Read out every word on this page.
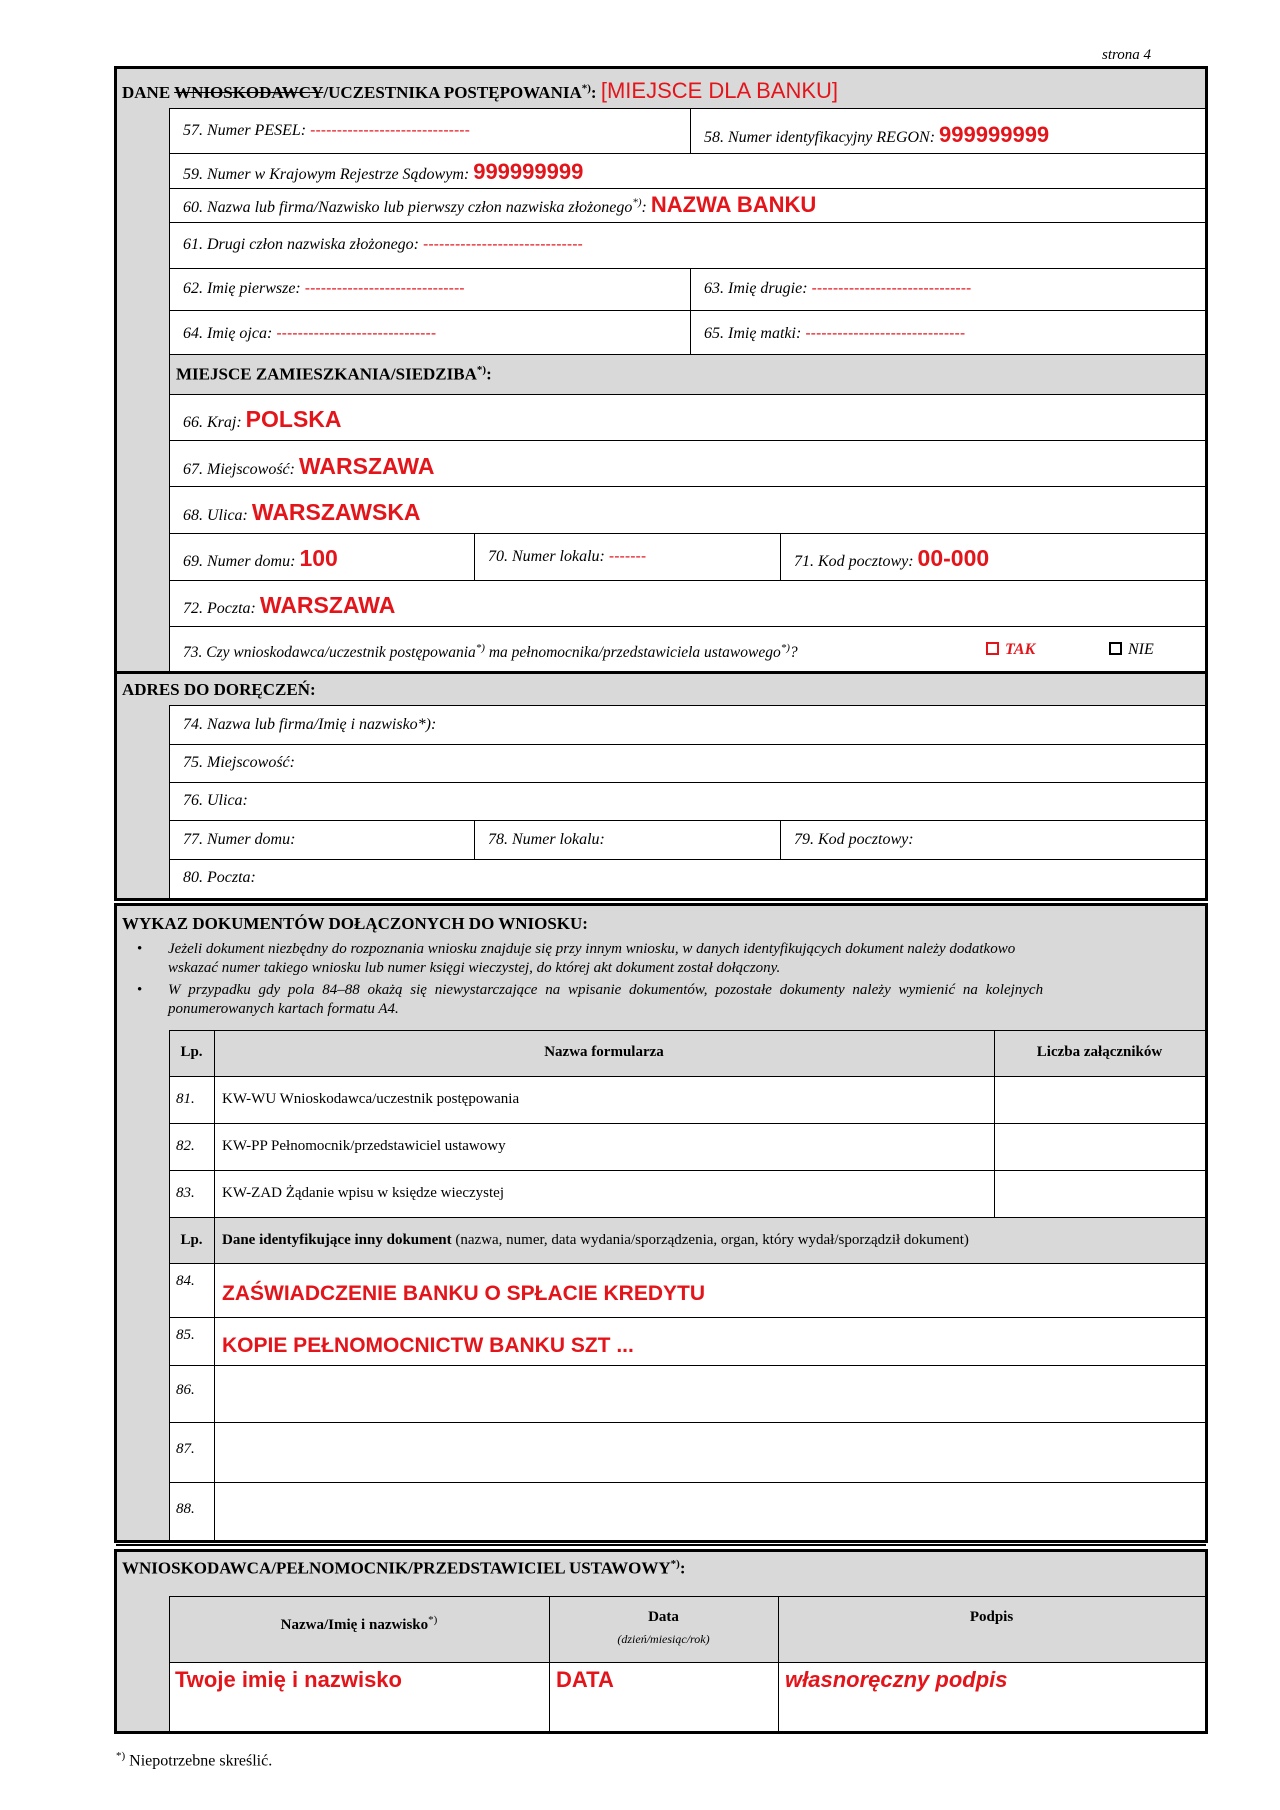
strona 4
DANE WNIOSKODAWCY/UCZESTNIKA POSTĘPOWANIA*): [MIEJSCE DLA BANKU]
57. Numer PESEL: ------------------------------	58. Numer identyfikacyjny REGON: 999999999
59. Numer w Krajowym Rejestrze Sądowym: 999999999
60. Nazwa lub firma/Nazwisko lub pierwszy człon nazwiska złożonego*): NAZWA BANKU
61. Drugi człon nazwiska złożonego: ------------------------------
62. Imię pierwsze: ------------------------------	63. Imię drugie: ------------------------------
64. Imię ojca: ------------------------------	65. Imię matki: ------------------------------
MIEJSCE ZAMIESZKANIA/SIEDZIBA*):
66. Kraj: POLSKA
67. Miejscowość: WARSZAWA
68. Ulica: WARSZAWSKA
69. Numer domu: 100	70. Numer lokalu: -------	71. Kod pocztowy: 00-000
72. Poczta: WARSZAWA
73. Czy wnioskodawca/uczestnik postępowania*) ma pełnomocnika/przedstawiciela ustawowego*)?	TAK	NIE
ADRES DO DORĘCZEŃ:
74. Nazwa lub firma/Imię i nazwisko*):
75. Miejscowość:
76. Ulica:
77. Numer domu:	78. Numer lokalu:	79. Kod pocztowy:
80. Poczta:
WYKAZ DOKUMENTÓW DOŁĄCZONYCH DO WNIOSKU:
• Jeżeli dokument niezbędny do rozpoznania wniosku znajduje się przy innym wniosku, w danych identyfikujących dokument należy dodatkowo
wskazać numer takiego wniosku lub numer księgi wieczystej, do której akt dokument został dołączony.
• W przypadku gdy pola 84–88 okażą się niewystarczające na wpisanie dokumentów, pozostałe dokumenty należy wymienić na kolejnych
ponumerowanych kartach formatu A4.
Lp.	Nazwa formularza	Liczba załączników
81. KW-WU Wnioskodawca/uczestnik postępowania
82. KW-PP Pełnomocnik/przedstawiciel ustawowy
83. KW-ZAD Żądanie wpisu w księdze wieczystej
Lp.	Dane identyfikujące inny dokument (nazwa, numer, data wydania/sporządzenia, organ, który wydał/sporządził dokument)
84.
ZAŚWIADCZENIE BANKU O SPŁACIE KREDYTU
85. KOPIE PEŁNOMOCNICTW BANKU SZT ...
86.
87.
88.
WNIOSKODAWCA/PEŁNOMOCNIK/PRZEDSTAWICIEL USTAWOWY*):
Nazwa/Imię i nazwisko*)	Data
(dzień/miesiąc/rok)
Podpis
Twoje imię i nazwisko	DATA	własnoręczny podpis
*) Niepotrzebne skreślić.
